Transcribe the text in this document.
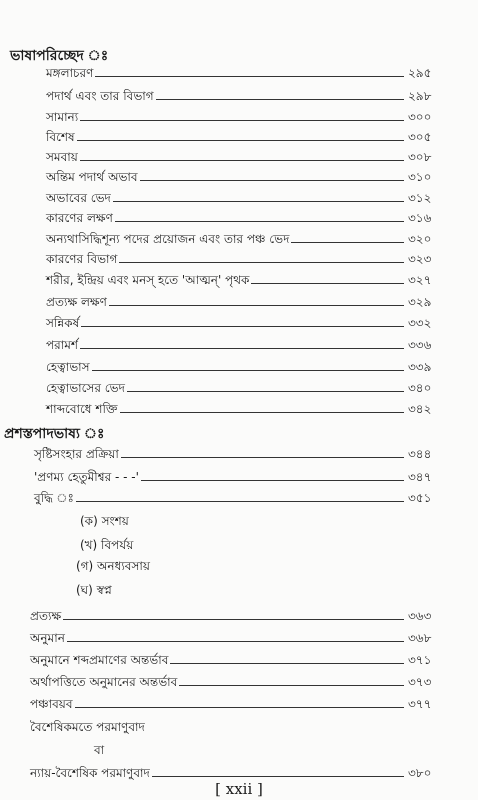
ভাষাপরিচ্ছেদ ঃ
মঙ্গলাচরণ	২৯৫
পদার্থ এবং তার বিভাগ	২৯৮
সামান্য	৩০০
বিশেষ	৩০৫
সমবায়	৩০৮
অন্তিম পদার্থ অভাব	৩১০
অভাবের ভেদ	৩১২
কারণের লক্ষণ	৩১৬
অন্যথাসিদ্ধিশূন্য পদের প্রয়োজন এবং তার পঞ্চ ভেদ	৩২০
কারণের বিভাগ	৩২৩
শরীর, ইন্দ্রিয় এবং মনস্ হতে 'আত্মন্' পৃথক	৩২৭
প্রত্যক্ষ লক্ষণ	৩২৯
সন্নিকর্ষ	৩৩২
পরামর্শ	৩৩৬
হেত্বাভাস	৩৩৯
হেত্বাভাসের ভেদ	৩৪০
শাব্দবোধে শক্তি	৩৪২
প্রশস্তপাদভাষ্য ঃ
সৃষ্টিসংহার প্রক্রিয়া	৩৪৪
'প্রণম্য হেতুমীশ্বর - - -'	৩৪৭
বুদ্ধি ঃ	৩৫১
(ক) সংশয়
(খ) বিপর্যয়
(গ) অনধ্যবসায়
(ঘ) স্বপ্ন
প্রত্যক্ষ	৩৬৩
অনুমান	৩৬৮
অনুমানে শব্দপ্রমাণের অন্তর্ভাব	৩৭১
অর্থাপত্তিতে অনুমানের অন্তর্ভাব	৩৭৩
পঞ্চাবয়ব	৩৭৭
বৈশেষিকমতে পরমাণুবাদ
বা
ন্যায়-বৈশেষিক পরমাণুবাদ	৩৮০
[ xxii ]
